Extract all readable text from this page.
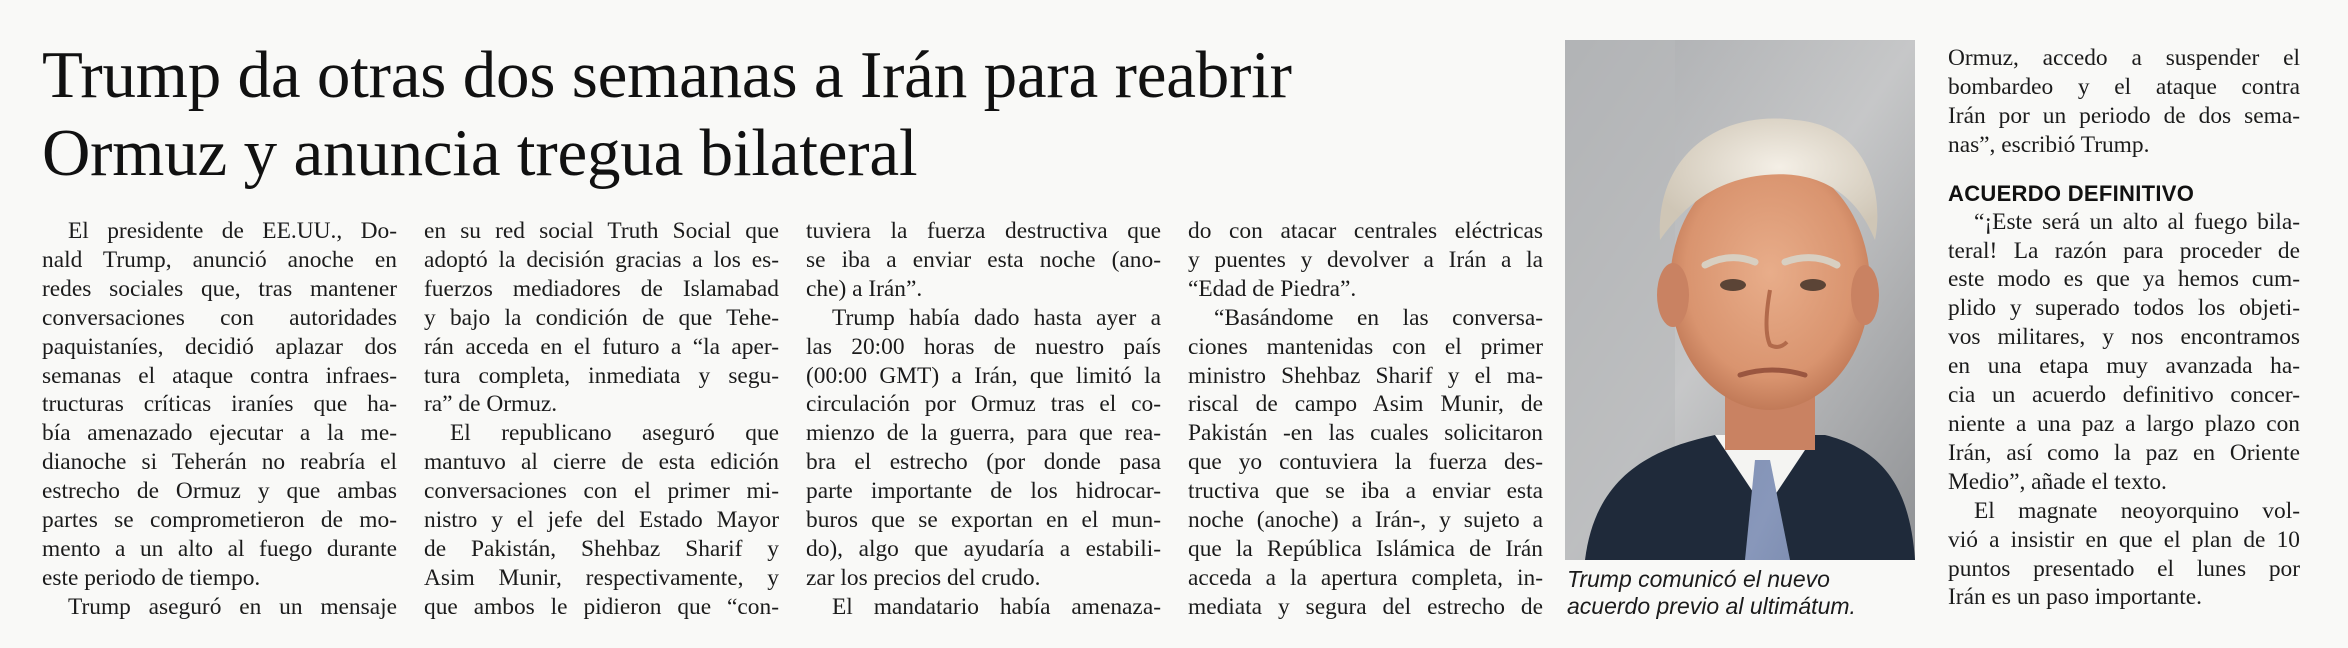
Trump da otras dos semanas a Irán para reabrir
Ormuz y anuncia tregua bilateral
El presidente de EE.UU., Do-
nald Trump, anunció anoche en
redes sociales que, tras mantener
conversaciones con autoridades
paquistaníes, decidió aplazar dos
semanas el ataque contra infraes-
tructuras críticas iraníes que ha-
bía amenazado ejecutar a la me-
dianoche si Teherán no reabría el
estrecho de Ormuz y que ambas
partes se comprometieron de mo-
mento a un alto al fuego durante
este periodo de tiempo.
Trump aseguró en un mensaje
en su red social Truth Social que
adoptó la decisión gracias a los es-
fuerzos mediadores de Islamabad
y bajo la condición de que Tehe-
rán acceda en el futuro a “la aper-
tura completa, inmediata y segu-
ra” de Ormuz.
El republicano aseguró que
mantuvo al cierre de esta edición
conversaciones con el primer mi-
nistro y el jefe del Estado Mayor
de Pakistán, Shehbaz Sharif y
Asim Munir, respectivamente, y
que ambos le pidieron que “con-
tuviera la fuerza destructiva que
se iba a enviar esta noche (ano-
che) a Irán”.
Trump había dado hasta ayer a
las 20:00 horas de nuestro país
(00:00 GMT) a Irán, que limitó la
circulación por Ormuz tras el co-
mienzo de la guerra, para que rea-
bra el estrecho (por donde pasa
parte importante de los hidrocar-
buros que se exportan en el mun-
do), algo que ayudaría a estabili-
zar los precios del crudo.
El mandatario había amenaza-
do con atacar centrales eléctricas
y puentes y devolver a Irán a la
“Edad de Piedra”.
“Basándome en las conversa-
ciones mantenidas con el primer
ministro Shehbaz Sharif y el ma-
riscal de campo Asim Munir, de
Pakistán -en las cuales solicitaron
que yo contuviera la fuerza des-
tructiva que se iba a enviar esta
noche (anoche) a Irán-, y sujeto a
que la República Islámica de Irán
acceda a la apertura completa, in-
mediata y segura del estrecho de
Trump comunicó el nuevo
acuerdo previo al ultimátum.
Ormuz, accedo a suspender el
bombardeo y el ataque contra
Irán por un periodo de dos sema-
nas”, escribió Trump.
ACUERDO DEFINITIVO
“¡Este será un alto al fuego bila-
teral! La razón para proceder de
este modo es que ya hemos cum-
plido y superado todos los objeti-
vos militares, y nos encontramos
en una etapa muy avanzada ha-
cia un acuerdo definitivo concer-
niente a una paz a largo plazo con
Irán, así como la paz en Oriente
Medio”, añade el texto.
El magnate neoyorquino vol-
vió a insistir en que el plan de 10
puntos presentado el lunes por
Irán es un paso importante.
